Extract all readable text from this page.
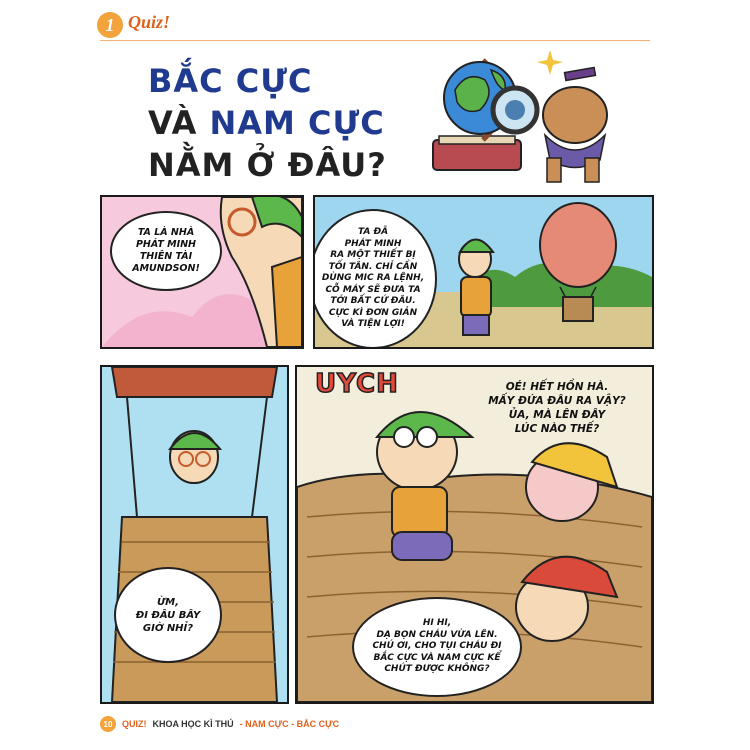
1 Quiz!
BẮC CỰC
VÀ NAM CỰC
NẰM Ở ĐÂU?
TA LÀ NHÀ
PHÁT MINH
THIÊN TÀI
AMUNDSON!
TA ĐÃ
PHÁT MINH
RA MỘT THIẾT BỊ
TỐI TÂN. CHỈ CẦN
DÙNG MIC RA LỆNH,
CỖ MÁY SẼ ĐƯA TA
TỚI BẤT CỨ ĐÂU.
CỰC KÌ ĐƠN GIẢN
VÀ TIỆN LỢI!
ỪM,
ĐI ĐÂU BÂY
GIỜ NHỈ?
UYCH	OÉ! HẾT HỒN HÀ.
MẤY ĐỨA ĐÂU RA VẬY?
ỦA, MÀ LÊN ĐÂY
LÚC NÀO THẾ?
HI HI,
DẠ BỌN CHÁU VỪA LÊN.
CHÚ ƠI, CHO TỤI CHÁU ĐI
BẮC CỰC VÀ NAM CỰC KỂ
CHÚT ĐƯỢC KHÔNG?
10	QUIZ! KHOA HỌC KÌ THÚ - NAM CỰC - BẮC CỰC
